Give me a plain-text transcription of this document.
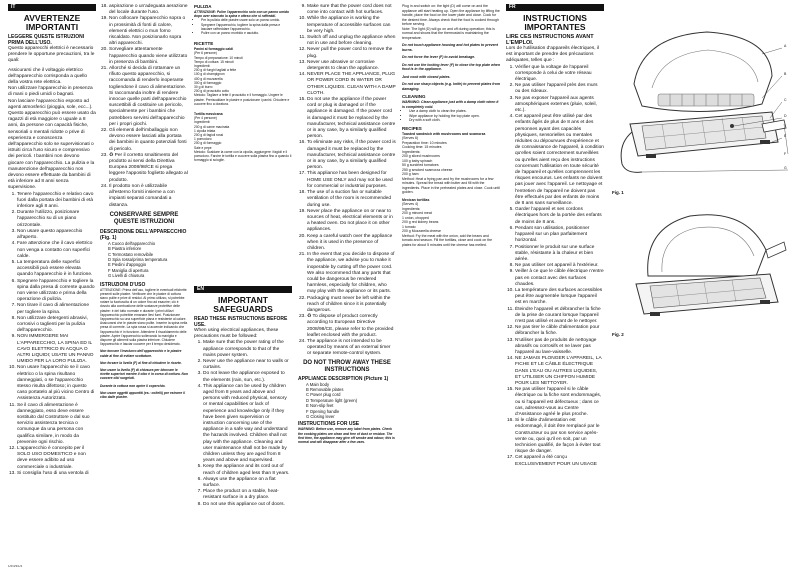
IT
AVVERTENZE
IMPORTANTI

LEGGERE QUESTE ISTRUZIONI PRIMA DELL'USO.

Questo apparecchi elettrici è necessario prendere le opportune precauzioni, tra le quali:

Assicurarsi che il voltaggio elettrico dell'apparecchio corrisponda a quello della vostra rete elettrica.

Non utilizzare l'apparecchio in presenza di mani o piedi umidi o bagnati.

Non lasciare l'apparecchio esposto ad agenti atmosferici (pioggia, sole, ecc...).

Questo apparecchio può essere usato da ragazzi di età maggiore o uguale a 8 anni, da persone con capacità fisiche, sensoriali o mentali ridotte o prive di esperienza e conoscenza dell'apparecchio solo se supervisionati o istruiti circa l'uso sicuro e comprensivo dei pericoli. I bambini non devono giocare con l'apparecchio. La pulizia e la manutenzione dell'apparecchio non devono essere effettuate da bambini di età inferiore ad 8 anni senza supervisione.

1. Tenere l'apparecchio e relativo cavo fuori dalla portata dei bambini di età inferiore agli 8 anni.
2. Durante l'utilizzo, posizionare l'apparecchio su di un piano orizzontale.
3. Non usare questo apparecchio all'aperto.
4. Fare attenzione che il cavo elettrico non venga a contatto con superfici calde.
5. La temperatura delle superfici accessibili può essere elevata quando l'apparecchio è in funzione.
6. Spegnere l'apparecchio e togliere la spina dalla presa di corrente quando non viene utilizzato e prima della operazione di pulizia.
7. Non tirare il cavo di alimentazione per togliere la spina.
8. Non utilizzare detergenti abrasivi, corrosivi o taglienti per la pulizia dell'apparecchio.
9. NON IMMERGERE MAI L'APPARECCHIO, LA SPINA ED IL CAVO ELETTRICO IN ACQUA O ALTRI LIQUIDI; USATE UN PANNO UMIDO PER LA LORO PULIZIA.
10. Non usare l'apparecchio se il cavo elettrico o la spina risultano danneggiati, o se l'apparecchio stesso risulta difettoso; in questo caso portatelo al più vicino Centro di Assistenza Autorizzato.
11. Se il cavo di alimentazione è danneggiato, esso deve essere sostituito dal Costruttore o dal suo servizio assistenza tecnica o comunque da una persona con qualifica similare, in modo da prevenire ogni rischio.
12. L'apparecchio è concepito per il SOLO USO DOMESTICO e non deve essere adibito ad uso commerciale o industriale.
13. Si consiglia l'uso di una ventola di
1/2/4/3/1/4
18. aspirazione o un'adeguata aerazione del locale durante l'uso.
19. Non collocare l'apparecchio sopra o in prossimità di fonti di calore, elementi elettrici o mun forno riscaldato. Non posizionarlo sopra altri apparecchi.
20. Sorvegliare attentamente l'apparecchio quando viene utilizzato in presenza di bambini.
21. Allorché si decida di rottamare un rifiuto questo apparecchio, si raccomanda di renderlo inoperante togliendone il cavo di alimentazione. Si raccomanda inoltre di rendere innocue quelle parti dell'apparecchio suscettibili di costituire un pericolo, specialmente per i bambini che potrebbero servirsi dell'apparecchio per i propri giochi.
22. Gli elementi dell'imballaggio non devono essere lasciati alla portata dei bambini in quanto potenziali fonti di pericolo.
23. ♻ Per il corretto smaltimento del prodotto ai sensi della Direttiva Europea 2008/98/CE si prega leggere l'apposito foglietto allegato al prodotto.
24. Il prodotto non è utilizzabile all'esterno forniti insieme a con impianti separati comandati a distanza.

CONSERVARE SEMPRE QUESTE ISTRUZIONI

DESCRIZIONE DELL'APPARECCHIO (Fig. 1)

A Cuoco dell'apparecchio
B Piastra inferiore
C Termostato removibile
D Spia rossa/prima temperatura
E Piedini d'appoggio
F Maniglia di apertura
G Livelli di chiusura

ISTRUZIONI D'USO

ATTENZIONE: Prima dell'uso, togliere le eventuali etichette presenti sulle piastre. Verificare che le piastre di cottura siano pulite e prive di residui. Al primo utilizzo, si potrebbe notare la fuoriuscita di un odore fino ad esaurire; ciò è dovuto alla combustione delle sostanze protettive delle piastre: è del tutto normale e durante i primi utilizzi l'apparecchio potrebbe emanare lievi fumi. Posizionare l'apparecchio su una superficie piana e resistente al calore. Assicurarsi che le piastre siano pulite. Inserire la spina nella presa di corrente. La spia rossa si accende indicando che l'apparecchio è in funzione. Attendere il riscaldamento delle piastre. Aprire l'apparecchio sollevando la maniglia e disporre gli alimenti sulla piastra inferiore. Chiudere l'apparecchio e lasciar cuocere per il tempo desiderato.

Non toccare l'involucro dell'apparecchio e le piastre calde al fine di evitare scottature.

Non forzare la livella (F) al fine di chiudere le ricarte.

Non usare la livella (F) di chiusura per bloccare le ricette superiori mentre il cibo è in corso di cottura. Non cuocere cibi surgelati.

Durante la cottura non aprire il coperchio.

Non usare oggetti appuntiti (es.: coltelli) per estrarre il cibo dalle piastre.

PULIZIA

ATTENZIONE: Pulire l'apparecchio solo con un panno umido dopo aver staccato la spina e atteso che si raffreddi.

• Per la pulizia delle piastre usare solo un panno umido.
• Spegnere l'apparecchio, togliere la spina dalla presa e lasciare raffreddare l'apparecchio.
• Pulire con un panno morbido e asciutto.

RICETTE

Panini al formaggio caldi

(Per 6 persone)

Tempo di preparazione: 10 minuti

Tempo di cottura: 15 minuti

Ingredienti:

200 g di funghi tagliati a fette

100 g di champignon

400 g di mozzarella

300 g di formaggio

30 g di burro

200 g di prosciutto cotto

Metodo: Tagliare a fette il prosciutto e il formaggio. Ungere le piastre. Preriscaldare le piastre e posizionare i panini. Chiudere e cuocere fino a doratura.

Tortilla messicana

(Per 4 persone)

Ingredienti:

200 g di carne macinata

1 cipolla tritata

200 g di fagioli rossi

1 pomodoro

200 g di formaggio

Sale e pepe

Metodo: Scaldare la carne con la cipolla, aggiungere i fagioli e il pomodoro. Farcire le tortilla e cuocere sulla piastra fino a quando il formaggio si scioglie.

EN
IMPORTANT
SAFEGUARDS

READ THESE INSTRUCTIONS BEFORE USE.

When using electrical appliances, these precautions must be followed:

1. Make sure that the power rating of the appliance corresponds to that of the mains power system.
2. Never use the appliance near to walls or curtains.
3. Do not leave the appliance exposed to the elements (rain, sun, etc.).
4. This appliance can be used by children aged from 8 years and above and persons with reduced physical, sensory or mental capabilities or lack of experience and knowledge only if they have been given supervision or instruction concerning use of the appliance in a safe way and understand the hazards involved. Children shall not play with the appliance. Cleaning and user maintenance shall not be made by children unless they are aged from 8 years and above and supervised.
5. Keep the appliance and its cord out of reach of children aged less than 8 years.
6. Always use the appliance on a flat surface.
7. Place the product on a stable, heat-resistant surface in a dry place.
8. Do not use this appliance out of doors.
9. Make sure that the power cord does not come into contact with hot surfaces.
10. While the appliance is working the temperature of accessible surfaces can be very high.
11. Switch off and unplug the appliance when not in use and before cleaning.
12. Never pull the power cord to remove the plug.
13. Never use abrasive or corrosive detergents to clean the appliance.
14. NEVER PLACE THE APPLIANCE, PLUG OR POWER CORD IN WATER OR OTHER LIQUIDS. CLEAN WITH A DAMP CLOTH.
15. Do not use the appliance if the power cord or plug is damaged or if the appliance is damaged. If the power cord is damaged it must be replaced by the manufacturer, technical assistance centre or in any case, by a similarly qualified person.
16. To eliminate any risks, if the power cord is damaged it must be replaced by the manufacturer, technical assistance centre or in any case, by a similarly qualified person.
17. This appliance has been designed for HOME USE ONLY and may not be used for commercial or industrial purposes.
18. The use of a suction fan or suitable ventilation of the room is recommended during use.
19. Never place the appliance on or near to sources of heat, electrical elements or in a heated oven. Do not place it on other appliances.
20. Keep a careful watch over the appliance when it is used in the presence of children.
21. In the event that you decide to dispose of the appliance, we advise you to make it inoperable by cutting off the power cord. We also recommend that any parts that could be dangerous be rendered harmless, especially for children, who may play with the appliance or its parts.
22. Packaging must never be left within the reach of children since it is potentially dangerous.
23. ♻ To dispose of product correctly according to European Directive 2008/98/CE, please refer to the provided leaflet enclosed with the product.
24. The appliance is not intended to be operated by means of an external timer or separate remote-control system.

DO NOT THROW AWAY THESE INSTRUCTIONS

APPLIANCE DESCRIPTION (Picture 1)

A Main body
B Removable plates
C Power plug cord
D Temperature light (green)
E Non-slip feet
F Opening handle
G Closing lever

INSTRUCTIONS FOR USE

WARNING: Before use, remove any label from plates. Check the cooking plates are clean and free of dust or residue. The first time, the appliance may give off smoke and odour; this is normal and will disappear after a few uses.

Plug in and switch on: the light (D) will come on and the appliance will start heating up. Open the appliance by lifting the handle, place the food on the lower plate and close. Cook for the desired time. Always check that the food is cooked through before serving.

Note: The light (D) will go on and off during operation; this is normal and shows that the thermostat is maintaining the temperature.

Do not touch appliance housing and hot plates to prevent burns.

Do not force the lever (F) to avoid breakage.

Do not use the locking lever (F) to close the top plate when food is in the appliance.

Just cook with closed plates.

Do not use sharp objects (e.g. knife) to prevent plates from damaging.

CLEANING

WARNING: Clean appliance just with a damp cloth when it is completely cold.

• Use a damp cloth to clean the plates.
• Wipe appliance by holding the top plate open.
• Dry with a soft cloth.

RECIPES

Toasted sandwich with mushrooms and scamorza

(Serves 6)

Preparation time: 10 minutes

Cooking time: 15 minutes

Ingredients:

200 g sliced mushrooms

100 g baby spinach

50 g sundried tomatoes

250 g smoked scamorza cheese

200 g ham

Method: Heat a frying pan and fry the mushrooms for a few minutes. Spread the bread with butter and fill with the ingredients. Place in the preheated plates and close. Cook until golden.

Mexican tortillas

(Serves 4)

Ingredients:

200 g minced meat

1 onion, chopped

200 g red kidney beans

1 tomato

200 g Mozzarella cheese

Method: Fry the meat with the onion, add the beans and tomato and season. Fill the tortillas, close and cook on the plates for about 5 minutes until the cheese has melted.

FR
INSTRUCTIONS
IMPORTANTES

LIRE CES INSTRUCTIONS AVANT L'EMPLOI.

Lors de l'utilisation d'appareils électriques, il est important de prendre des précautions adéquates, telles que :

1. Vérifier que la voltage de l'appareil corresponde à celui de votre réseau électrique.
2. Ne pas utiliser l'appareil près des murs ou des rideaux.
3. Ne pas exposer l'appareil aux agents atmosphériques externes (pluie, soleil, etc.).
4. Cet appareil peut être utilisé par des enfants âgés de plus de 8 ans et des personnes ayant des capacités physiques, sensorielles ou mentales réduites ou dépourvues d'expérience et de connaissance de l'appareil, à condition qu'elles soient correctement surveillées ou qu'elles aient reçu des instructions concernant l'utilisation en toute sécurité de l'appareil et qu'elles comprennent les risques encourus. Les enfants ne doivent pas jouer avec l'appareil. Le nettoyage et l'entretien de l'appareil ne doivent pas être effectués par des enfants de moins de 8 ans sans surveillance.
5. Garder l'appareil et ses cordons électriques hors de la portée des enfants de moins de 8 ans.
6. Pendant son utilisation, positionner l'appareil sur un plan parfaitement horizontal.
7. Positionner le produit sur une surface stable, résistante à la chaleur et bien aérée.
8. Ne pas utiliser cet appareil à l'extérieur.
9. Veiller à ce que le câble électrique n'entre pas en contact avec des surfaces chaudes.
10. La température des surfaces accessibles peut être augmentée lorsque l'appareil est en marche.
11. Éteindre l'appareil et débrancher la fiche de la prise de courant lorsque l'appareil n'est pas utilisé et avant de le nettoyer.
12. Ne pas tirer le câble d'alimentation pour débrancher la fiche.
13. N'utiliser pas de produits de nettoyage abrasifs ou corrosifs et ne laver pas l'appareil au lave-vaisselle.
14. NE JAMAIS PLONGER L'APPAREIL, LA FICHE ET LE CÂBLE ÉLECTRIQUE DANS L'EAU OU AUTRES LIQUIDES, ET UTILISER UN CHIFFON HUMIDE POUR LES NETTOYER.
15. Ne pas utiliser l'appareil si le câble électrique ou la fiche sont endommagés, ou si l'appareil est défectueux ; dans ce cas, adressez-vous au Centre d'Assistance agréé le plus proche.
16. Si le câble d'alimentation est endommagé, il doit être remplacé par le Constructeur ou par son service après-vente ou, quoi qu'il en soit, par un technicien qualifié, de façon à éviter tout risque de danger.
17. Cet appareil a été conçu EXCLUSIVEMENT POUR UN USAGE
A
B
C
D
E
F
G
Fig. 1
Fig. 2
